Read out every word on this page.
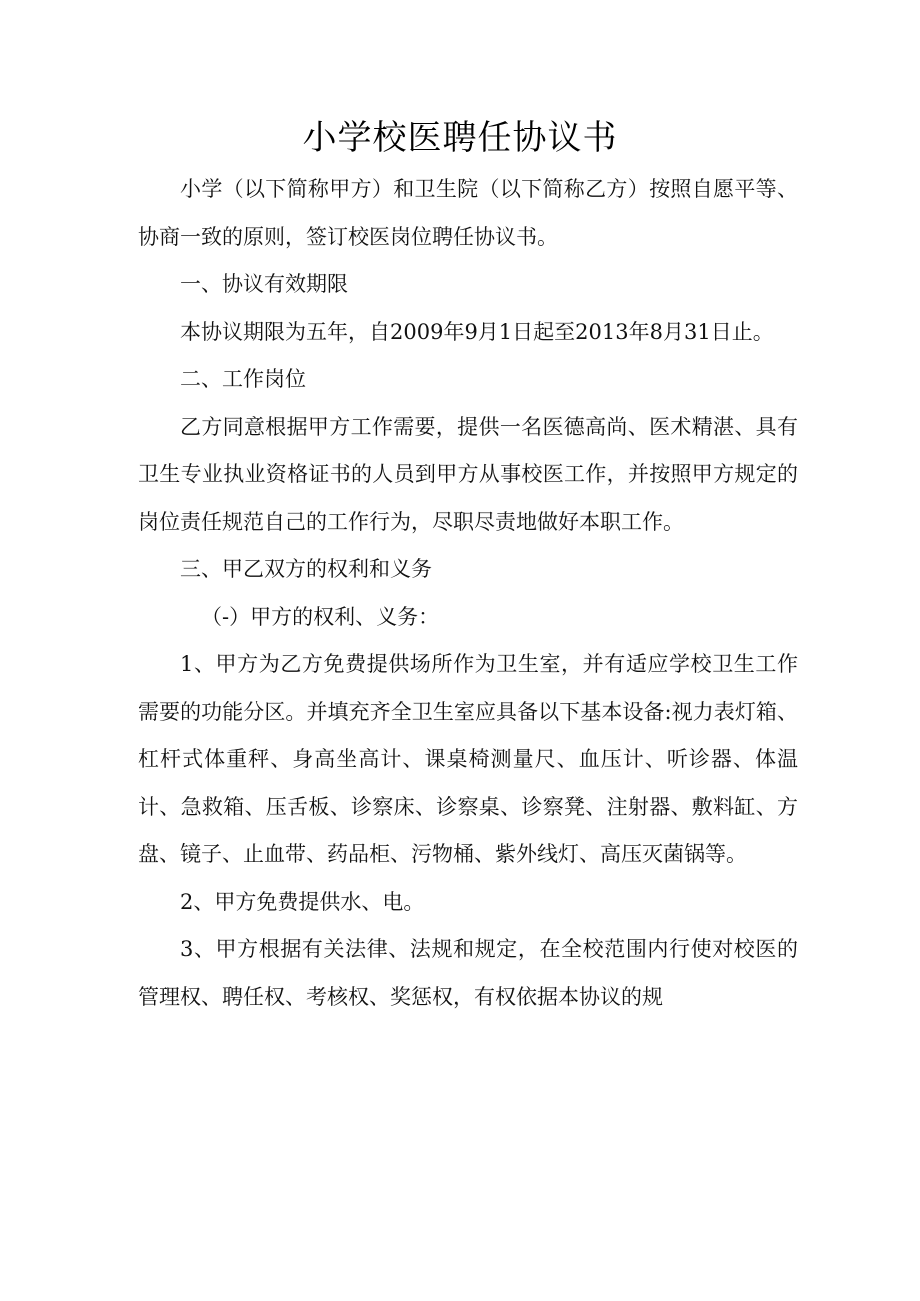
小学校医聘任协议书

小学（以下简称甲方）和卫生院（以下简称乙方）按照自愿平等、协商一致的原则，签订校医岗位聘任协议书。

一、协议有效期限

本协议期限为五年，自2009年9月1日起至2013年8月31日止。

二、工作岗位

乙方同意根据甲方工作需要，提供一名医德高尚、医术精湛、具有卫生专业执业资格证书的人员到甲方从事校医工作，并按照甲方规定的岗位责任规范自己的工作行为，尽职尽责地做好本职工作。

三、甲乙双方的权利和义务

（-）甲方的权利、义务：

1、甲方为乙方免费提供场所作为卫生室，并有适应学校卫生工作需要的功能分区。并填充齐全卫生室应具备以下基本设备:视力表灯箱、杠杆式体重秤、身高坐高计、课桌椅测量尺、血压计、听诊器、体温计、急救箱、压舌板、诊察床、诊察桌、诊察凳、注射器、敷料缸、方盘、镜子、止血带、药品柜、污物桶、紫外线灯、高压灭菌锅等。

2、甲方免费提供水、电。

3、甲方根据有关法律、法规和规定，在全校范围内行使对校医的管理权、聘任权、考核权、奖惩权，有权依据本协议的规
